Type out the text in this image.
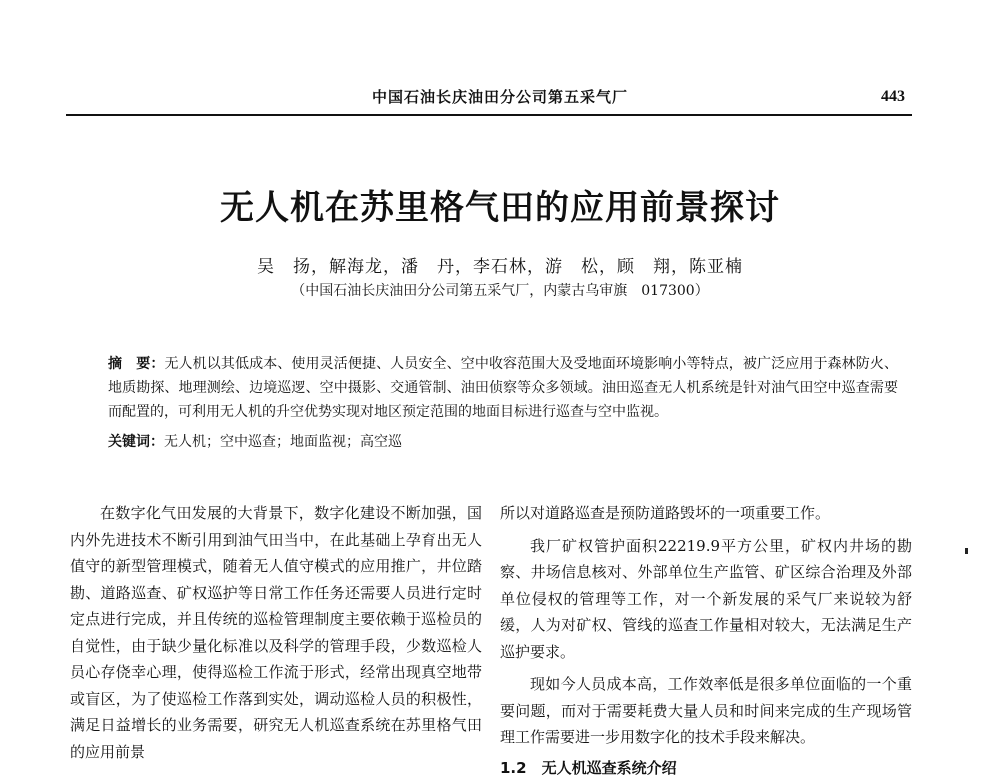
中国石油长庆油田分公司第五采气厂	443
无人机在苏里格气田的应用前景探讨
吴　扬，解海龙，潘　丹，李石林，游　松，顾　翔，陈亚楠
（中国石油长庆油田分公司第五采气厂，内蒙古乌审旗　017300）
摘　要：无人机以其低成本、使用灵活便捷、人员安全、空中收容范围大及受地面环境影响小等特点，被广泛应用于森林防火、地质勘探、地理测绘、边境巡逻、空中摄影、交通管制、油田侦察等众多领域。油田巡查无人机系统是针对油气田空中巡查需要而配置的，可利用无人机的升空优势实现对地区预定范围的地面目标进行巡查与空中监视。
关键词：无人机；空中巡查；地面监视；高空巡

在数字化气田发展的大背景下，数字化建设不断加强，国内外先进技术不断引用到油气田当中，在此基础上孕育出无人值守的新型管理模式，随着无人值守模式的应用推广，井位踏勘、道路巡查、矿权巡护等日常工作任务还需要人员进行定时定点进行完成，并且传统的巡检管理制度主要依赖于巡检员的自觉性，由于缺少量化标准以及科学的管理手段，少数巡检人员心存侥幸心理，使得巡检工作流于形式，经常出现真空地带或盲区，为了使巡检工作落到实处，调动巡检人员的积极性，满足日益增长的业务需要，研究无人机巡查系统在苏里格气田的应用前景

所以对道路巡查是预防道路毁坏的一项重要工作。

我厂矿权管护面积22219.9平方公里，矿权内井场的勘察、井场信息核对、外部单位生产监管、矿区综合治理及外部单位侵权的管理等工作，对一个新发展的采气厂来说较为舒缓，人为对矿权、管线的巡查工作量相对较大，无法满足生产巡护要求。

现如今人员成本高，工作效率低是很多单位面临的一个重要问题，而对于需要耗费大量人员和时间来完成的生产现场管理工作需要进一步用数字化的技术手段来解决。

1.2　无人机巡查系统介绍
